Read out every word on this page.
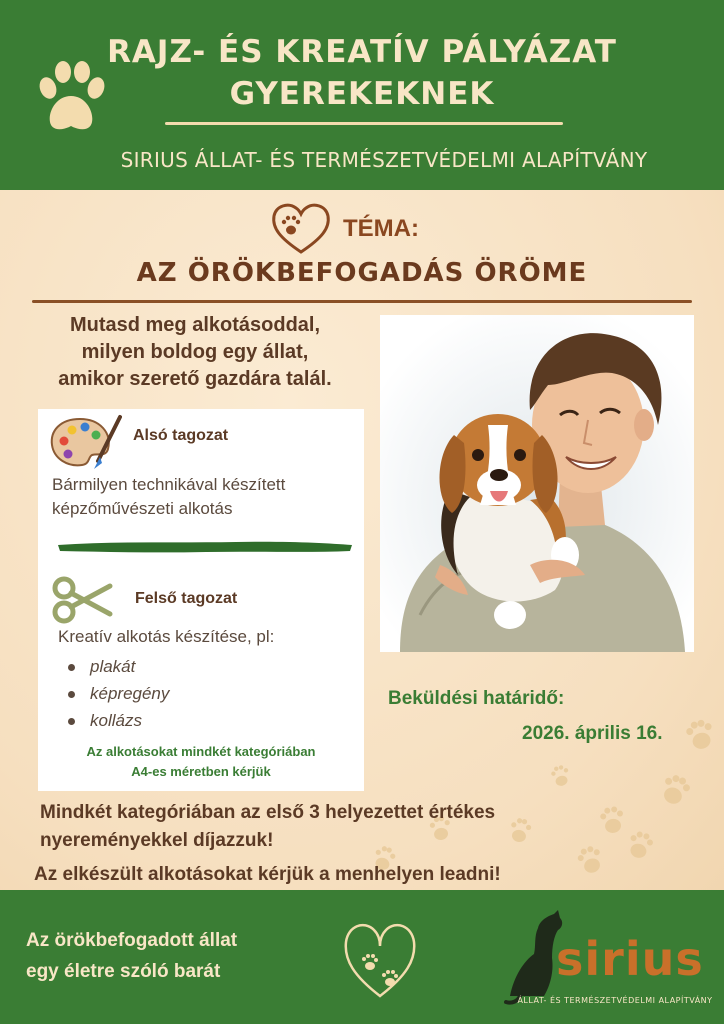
RAJZ- ÉS KREATÍV PÁLYÁZAT
GYEREKEKNEK
SIRIUS ÁLLAT- ÉS TERMÉSZETVÉDELMI ALAPÍTVÁNY
TÉMA:
AZ ÖRÖKBEFOGADÁS ÖRÖME
Mutasd meg alkotásoddal,
milyen boldog egy állat,
amikor szerető gazdára talál.
Alsó tagozat
Bármilyen technikával készített
képzőművészeti alkotás
Felső tagozat
Kreatív alkotás készítése, pl:
plakát
képregény
kollázs
Az alkotásokat mindkét kategóriában
A4-es méretben kérjük
Beküldési határidő:
2026. április 16.
Mindkét kategóriában az első 3 helyezettet értékes
nyereményekkel díjazzuk!
Az elkészült alkotásokat kérjük a menhelyen leadni!
Az örökbefogadott állat
egy életre szóló barát	sirius
ÁLLAT- ÉS TERMÉSZETVÉDELMI ALAPÍTVÁNY
